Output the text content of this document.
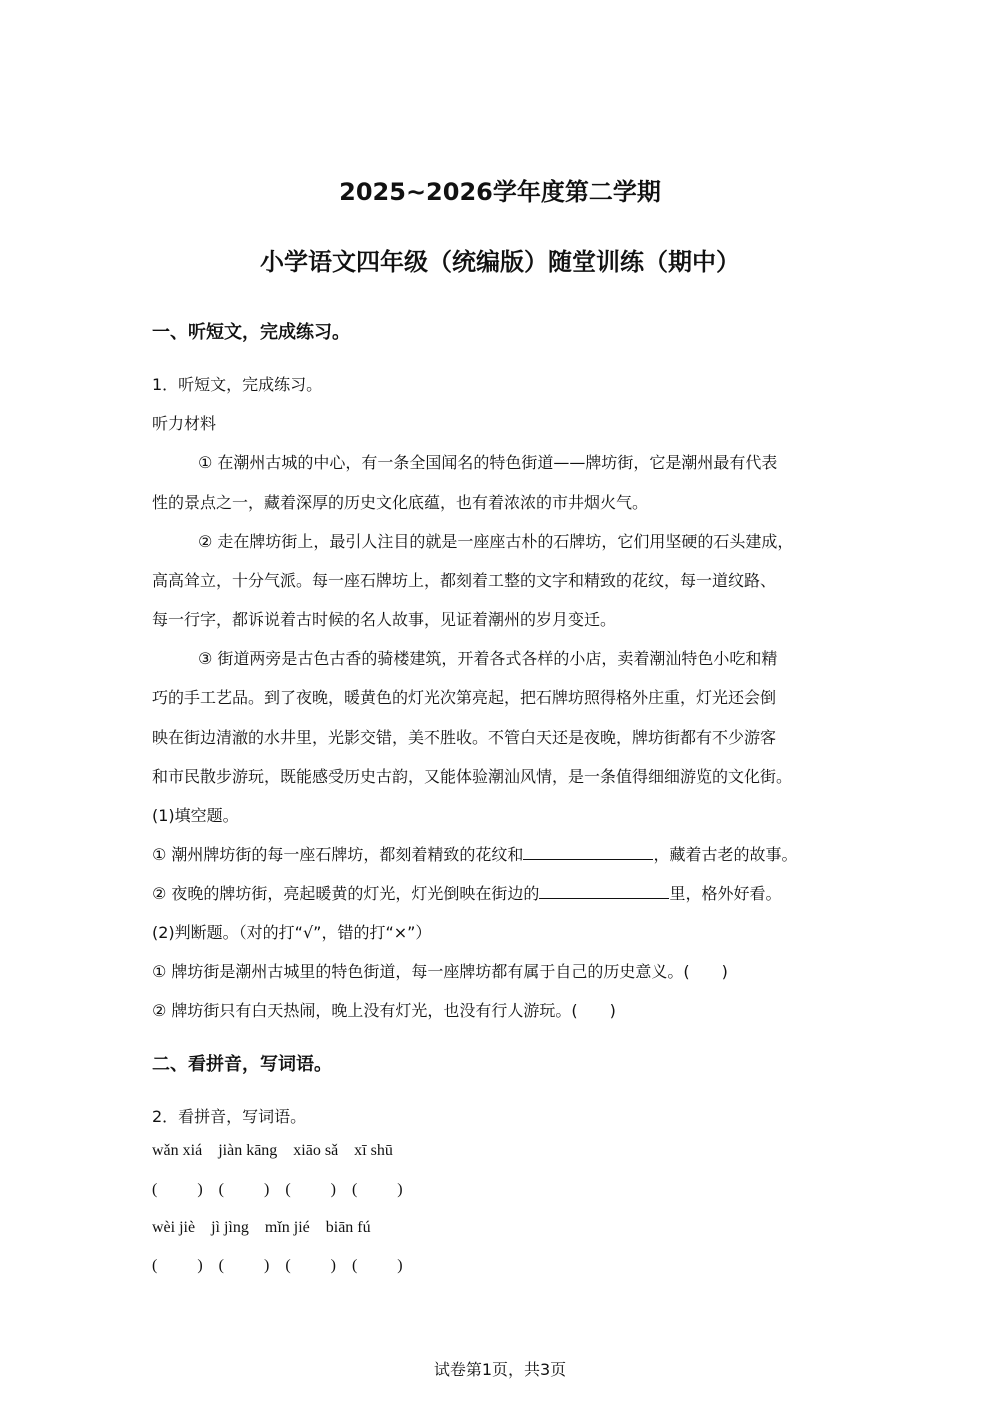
2025~2026学年度第二学期
小学语文四年级（统编版）随堂训练（期中）
一、听短文，完成练习。
1．听短文，完成练习。
听力材料
① 在潮州古城的中心，有一条全国闻名的特色街道——牌坊街，它是潮州最有代表
性的景点之一，藏着深厚的历史文化底蕴，也有着浓浓的市井烟火气。
② 走在牌坊街上，最引人注目的就是一座座古朴的石牌坊，它们用坚硬的石头建成，
高高耸立，十分气派。每一座石牌坊上，都刻着工整的文字和精致的花纹，每一道纹路、
每一行字，都诉说着古时候的名人故事，见证着潮州的岁月变迁。
③ 街道两旁是古色古香的骑楼建筑，开着各式各样的小店，卖着潮汕特色小吃和精
巧的手工艺品。到了夜晚，暖黄色的灯光次第亮起，把石牌坊照得格外庄重，灯光还会倒
映在街边清澈的水井里，光影交错，美不胜收。不管白天还是夜晚，牌坊街都有不少游客
和市民散步游玩，既能感受历史古韵，又能体验潮汕风情，是一条值得细细游览的文化街。
(1)填空题。
① 潮州牌坊街的每一座石牌坊，都刻着精致的花纹和	，藏着古老的故事。
② 夜晚的牌坊街，亮起暖黄的灯光，灯光倒映在街边的	里，格外好看。
(2)判断题。（对的打“√”，错的打“×”）
① 牌坊街是潮州古城里的特色街道，每一座牌坊都有属于自己的历史意义。(　　)
② 牌坊街只有白天热闹，晚上没有灯光，也没有行人游玩。(　　)
二、看拼音，写词语。
2．看拼音，写词语。
wǎn xiá    jiàn kāng    xiāo sǎ    xī shū
(          )    (          )    (          )    (          )
wèi jiè    jì jìng    mǐn jié    biān fú
(          )    (          )    (          )    (          )
试卷第1页，共3页
